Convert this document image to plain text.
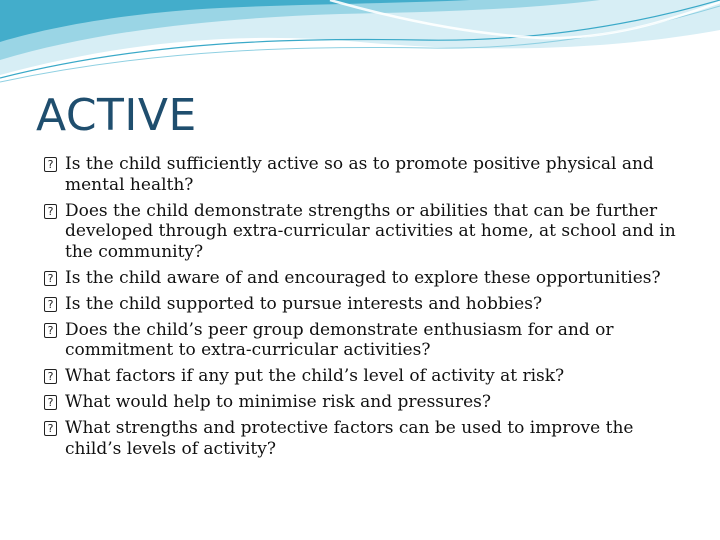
ACTIVE
? Is the child sufficiently active so as to promote positive physical and mental health?
? Does the child demonstrate strengths or abilities that can be further developed through extra-curricular activities at home, at school and in the community?
? Is the child aware of and encouraged to explore these opportunities?
? Is the child supported to pursue interests and hobbies?
? Does the child’s peer group demonstrate enthusiasm for and or commitment to extra-curricular activities?
? What factors if any put the child’s level of activity at risk?
? What would help to minimise risk and pressures?
? What strengths and protective factors can be used to improve the child’s levels of activity?
